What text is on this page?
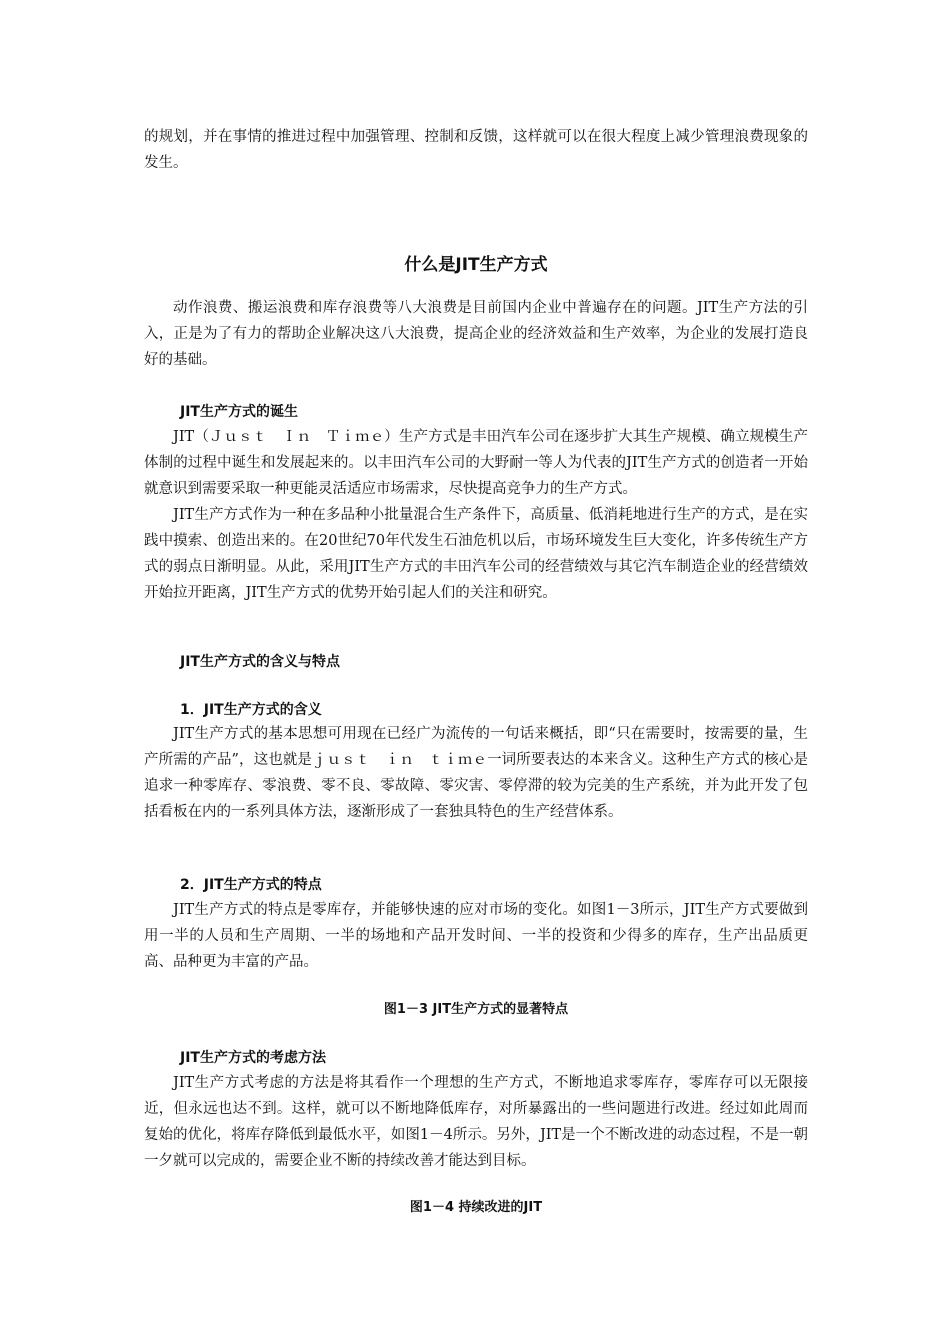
的规划，并在事情的推进过程中加强管理、控制和反馈，这样就可以在很大程度上减少管理浪费现象的发生。

什么是JIT生产方式

动作浪费、搬运浪费和库存浪费等八大浪费是目前国内企业中普遍存在的问题。JIT生产方法的引入，正是为了有力的帮助企业解决这八大浪费，提高企业的经济效益和生产效率，为企业的发展打造良好的基础。

JIT生产方式的诞生

JIT（Ｊｕｓｔ　Ｉｎ　Ｔｉｍｅ）生产方式是丰田汽车公司在逐步扩大其生产规模、确立规模生产体制的过程中诞生和发展起来的。以丰田汽车公司的大野耐一等人为代表的JIT生产方式的创造者一开始就意识到需要采取一种更能灵活适应市场需求，尽快提高竞争力的生产方式。

JIT生产方式作为一种在多品种小批量混合生产条件下，高质量、低消耗地进行生产的方式，是在实践中摸索、创造出来的。在20世纪70年代发生石油危机以后，市场环境发生巨大变化，许多传统生产方式的弱点日渐明显。从此，采用JIT生产方式的丰田汽车公司的经营绩效与其它汽车制造企业的经营绩效开始拉开距离，JIT生产方式的优势开始引起人们的关注和研究。

JIT生产方式的含义与特点
1．JIT生产方式的含义

JIT生产方式的基本思想可用现在已经广为流传的一句话来概括，即“只在需要时，按需要的量，生产所需的产品”，这也就是ｊｕｓｔ　ｉｎ　ｔｉｍｅ一词所要表达的本来含义。这种生产方式的核心是追求一种零库存、零浪费、零不良、零故障、零灾害、零停滞的较为完美的生产系统，并为此开发了包括看板在内的一系列具体方法，逐渐形成了一套独具特色的生产经营体系。

2．JIT生产方式的特点

JIT生产方式的特点是零库存，并能够快速的应对市场的变化。如图1－3所示，JIT生产方式要做到用一半的人员和生产周期、一半的场地和产品开发时间、一半的投资和少得多的库存，生产出品质更高、品种更为丰富的产品。

图1－3 JIT生产方式的显著特点

JIT生产方式的考虑方法

JIT生产方式考虑的方法是将其看作一个理想的生产方式，不断地追求零库存，零库存可以无限接近，但永远也达不到。这样，就可以不断地降低库存，对所暴露出的一些问题进行改进。经过如此周而复始的优化，将库存降低到最低水平，如图1－4所示。另外，JIT是一个不断改进的动态过程，不是一朝一夕就可以完成的，需要企业不断的持续改善才能达到目标。

图1－4 持续改进的JIT
